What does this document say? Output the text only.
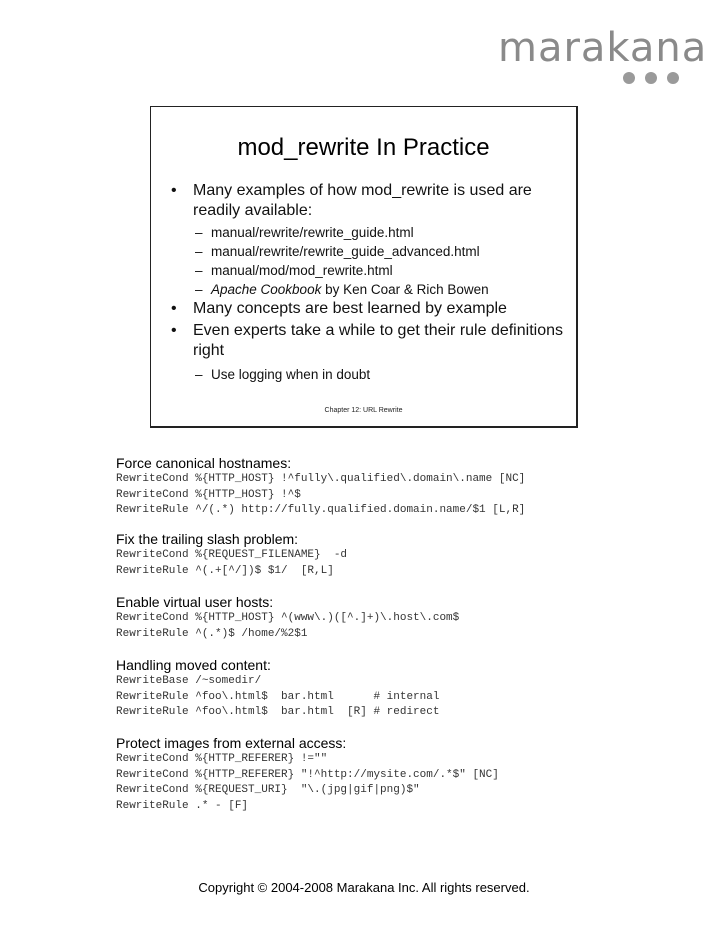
marakana
mod_rewrite In Practice
•	Many examples of how mod_rewrite is used are readily available:
– manual/rewrite/rewrite_guide.html
– manual/rewrite/rewrite_guide_advanced.html
– manual/mod/mod_rewrite.html
– Apache Cookbook by Ken Coar & Rich Bowen
•	Many concepts are best learned by example
•	Even experts take a while to get their rule definitions right
– Use logging when in doubt
Chapter 12: URL Rewrite
Force canonical hostnames:
RewriteCond %{HTTP_HOST} !^fully\.qualified\.domain\.name [NC]
RewriteCond %{HTTP_HOST} !^$
RewriteRule ^/(.*) http://fully.qualified.domain.name/$1 [L,R]
Fix the trailing slash problem:
RewriteCond %{REQUEST_FILENAME}  -d
RewriteRule ^(.+[^/])$ $1/  [R,L]
Enable virtual user hosts:
RewriteCond %{HTTP_HOST} ^(www\.)([^.]+)\.host\.com$
RewriteRule ^(.*)$ /home/%2$1
Handling moved content:
RewriteBase /~somedir/
RewriteRule ^foo\.html$  bar.html      # internal
RewriteRule ^foo\.html$  bar.html  [R] # redirect
Protect images from external access:
RewriteCond %{HTTP_REFERER} !=""
RewriteCond %{HTTP_REFERER} "!^http://mysite.com/.*$" [NC]
RewriteCond %{REQUEST_URI}  "\.(jpg|gif|png)$"
RewriteRule .* - [F]
Copyright © 2004-2008 Marakana Inc. All rights reserved.
